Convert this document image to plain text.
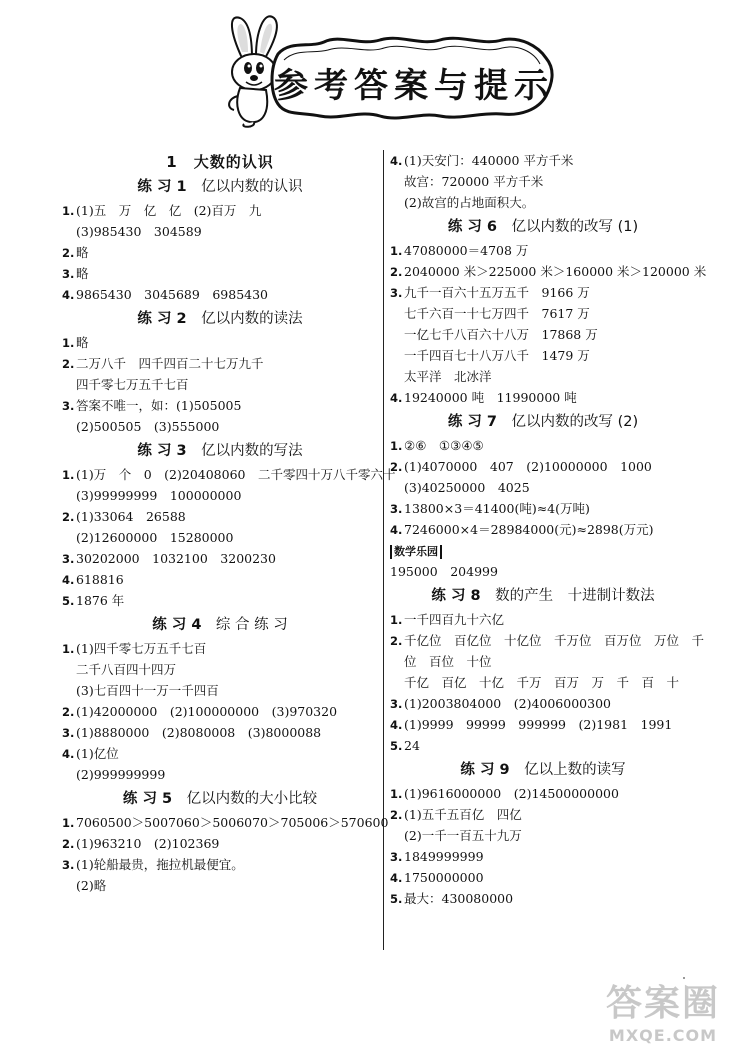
参考答案与提示
1　大数的认识
练 习 1　 亿以内数的认识
1. (1)五　万　亿　亿　(2)百万　九
(3)985430　304589
2. 略
3. 略
4. 9865430　3045689　6985430
练 习 2　 亿以内数的读法
1. 略
2. 二万八千　四千四百二十七万九千
四千零七万五千七百
3. 答案不唯一，如：(1)505005
(2)500505　(3)555000
练 习 3　 亿以内数的写法
1. (1)万　个　0　(2)20408060　二千零四十万八千零六十
(3)99999999　100000000
2. (1)33064　26588
(2)12600000　15280000
3. 30202000　1032100　3200230
4. 618816
5. 1876 年
练 习 4　 综 合 练 习
1. (1)四千零七万五千七百
二千八百四十四万
(3)七百四十一万一千四百
2. (1)42000000　(2)100000000　(3)970320
3. (1)8880000　(2)8080008　(3)8000088
4. (1)亿位
(2)999999999
练 习 5　 亿以内数的大小比较
1. 7060500＞5007060＞5006070＞705006＞570600
2. (1)963210　(2)102369
3. (1)轮船最贵，拖拉机最便宜。
(2)略
4. (1)天安门：440000 平方千米
故宫：720000 平方千米
(2)故宫的占地面积大。
练 习 6　 亿以内数的改写 (1)
1. 47080000＝4708 万
2. 2040000 米＞225000 米＞160000 米＞120000 米
3. 九千一百六十五万五千　9166 万
七千六百一十七万四千　7617 万
一亿七千八百六十八万　17868 万
一千四百七十八万八千　1479 万
太平洋　北冰洋
4. 19240000 吨　11990000 吨
练 习 7　 亿以内数的改写 (2)
1. ②⑥　①③④⑤
2. (1)4070000　407　(2)10000000　1000
(3)40250000　4025
3. 13800×3＝41400(吨)≈4(万吨)
4. 7246000×4＝28984000(元)≈2898(万元)
数学乐园
195000　204999
练 习 8　 数的产生　十进制计数法
1. 一千四百九十六亿
2. 千亿位　百亿位　十亿位　千万位　百万位　万位　千
位　百位　十位
千亿　百亿　十亿　千万　百万　万　千　百　十
3. (1)2003804000　(2)4006000300
4. (1)9999　99999　999999　(2)1981　1991
5. 24
练 习 9　 亿以上数的读写
1. (1)9616000000　(2)14500000000
2. (1)五千五百亿　四亿
(2)一千一百五十九万
3. 1849999999
4. 1750000000
5. 最大：430080000
答案圈
MXQE.COM
